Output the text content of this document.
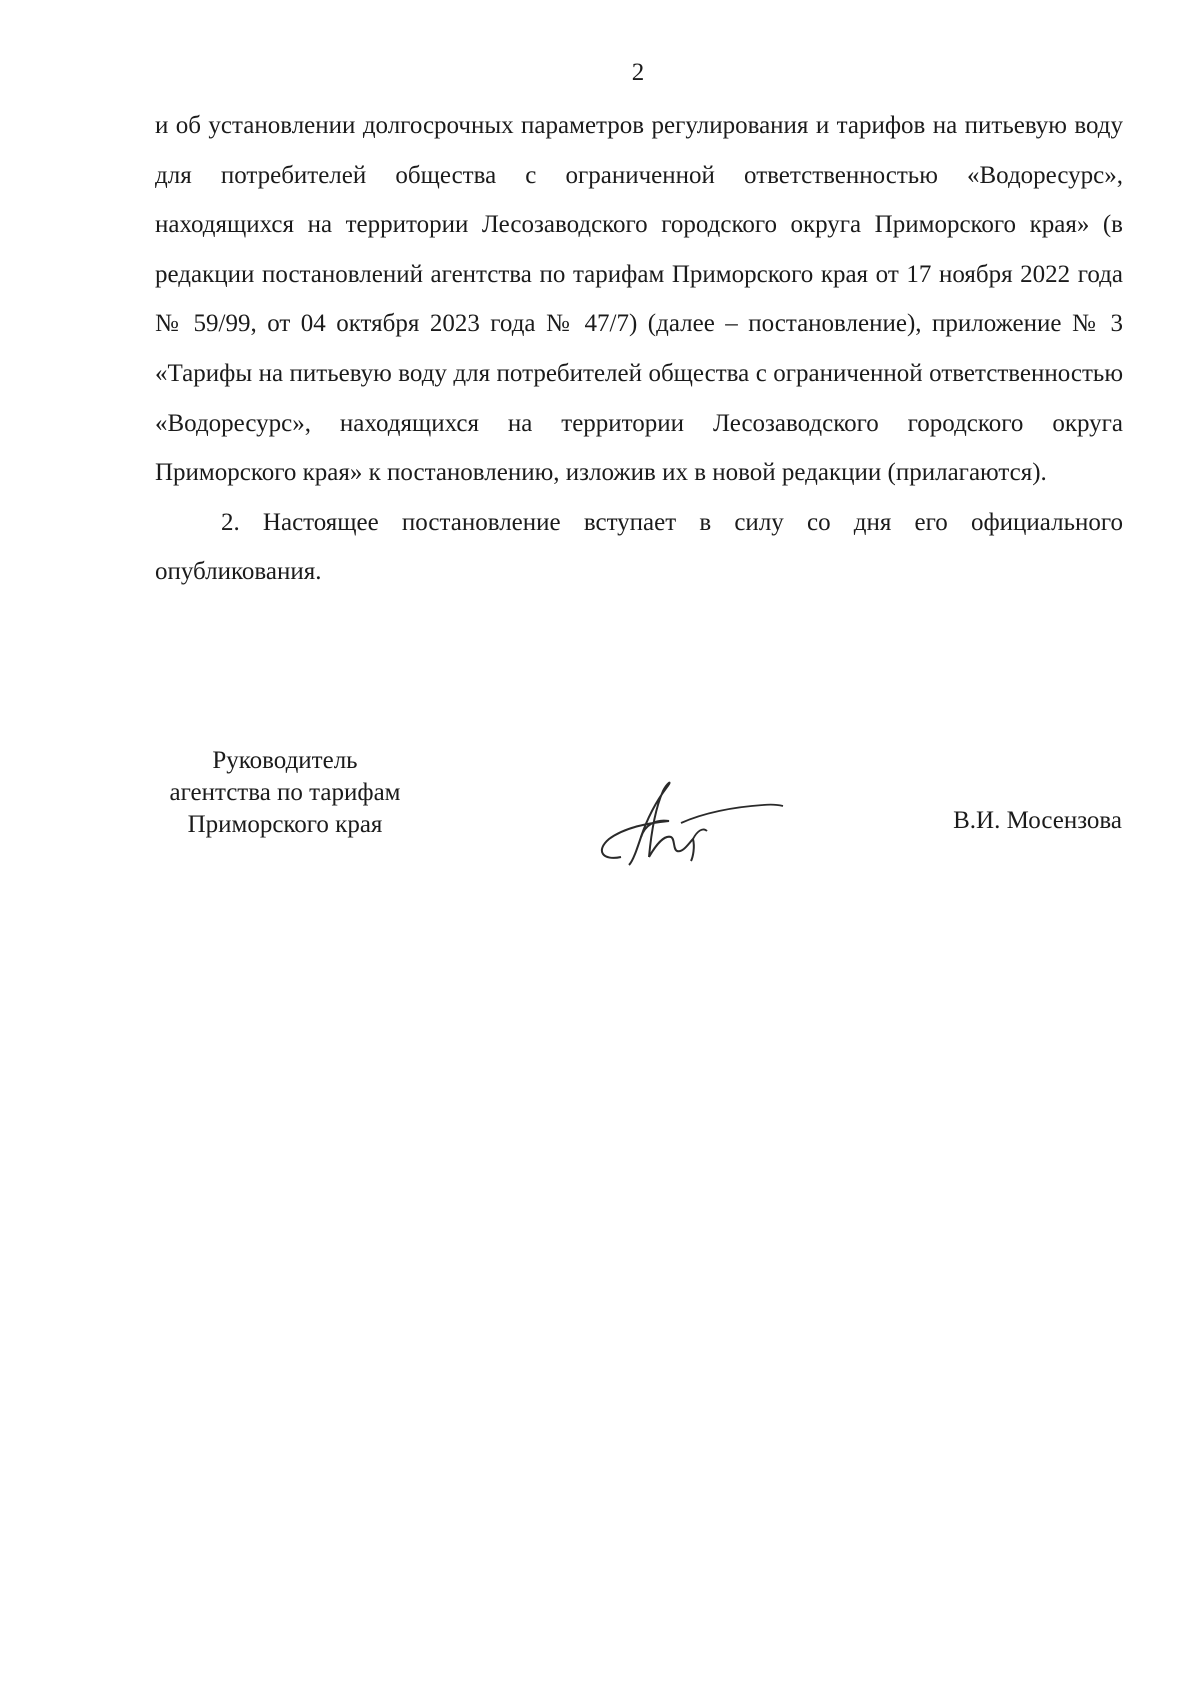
2

и об установлении долгосрочных параметров регулирования и тарифов на питьевую воду для потребителей общества с ограниченной ответственностью «Водоресурс», находящихся на территории Лесозаводского городского округа Приморского края» (в редакции постановлений агентства по тарифам Приморского края от 17 ноября 2022 года № 59/99, от 04 октября 2023 года № 47/7) (далее – постановление), приложение № 3 «Тарифы на питьевую воду для потребителей общества с ограниченной ответственностью «Водоресурс», находящихся на территории Лесозаводского городского округа Приморского края» к постановлению, изложив их в новой редакции (прилагаются).

2. Настоящее постановление вступает в силу со дня его официального опубликования.

Руководитель
агентства по тарифам
Приморского края	В.И. Мосензова
